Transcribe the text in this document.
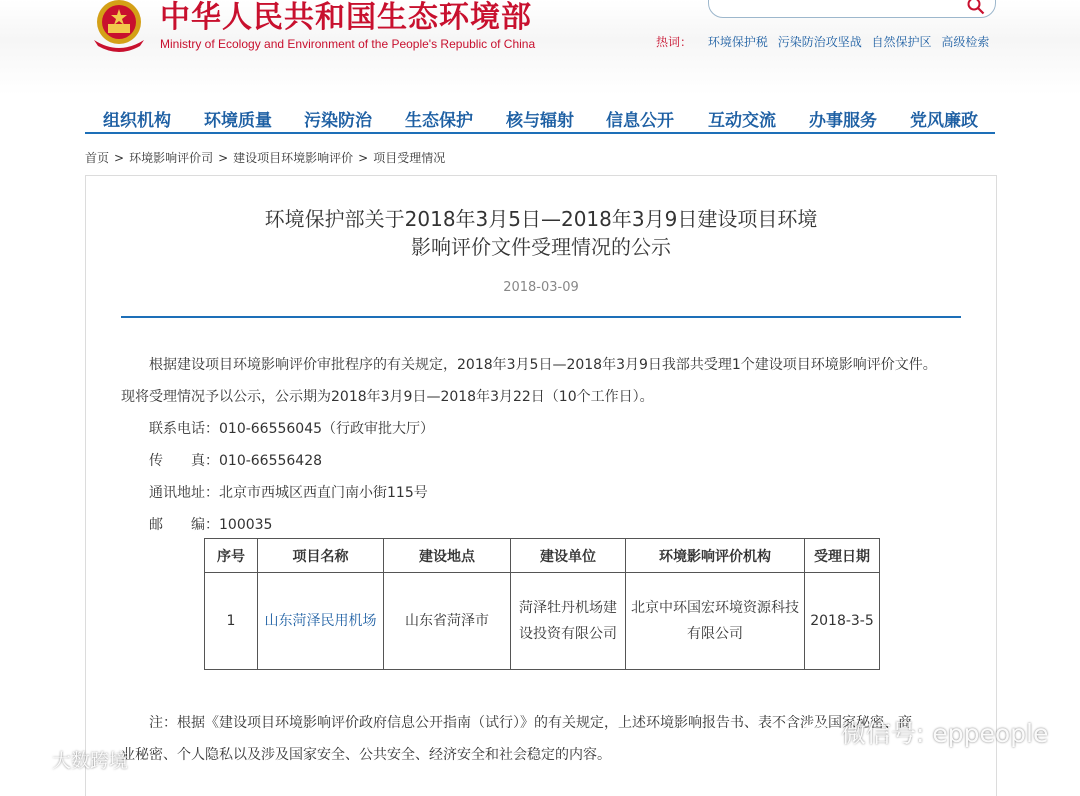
中华人民共和国生态环境部
Ministry of Ecology and Environment of the People's Republic of China	热词： 环境保护税 污染防治攻坚战 自然保护区 高级检索
组织机构 环境质量 污染防治 生态保护 核与辐射 信息公开 互动交流 办事服务 党风廉政
首页 > 环境影响评价司 > 建设项目环境影响评价 > 项目受理情况
环境保护部关于2018年3月5日—2018年3月9日建设项目环境
影响评价文件受理情况的公示
2018-03-09
根据建设项目环境影响评价审批程序的有关规定，2018年3月5日—2018年3月9日我部共受理1个建设项目环境影响评价文件。
现将受理情况予以公示，公示期为2018年3月9日—2018年3月22日（10个工作日）。
联系电话：010-66556045（行政审批大厅）
传　　真：010-66556428
通讯地址：北京市西城区西直门南小街115号
邮　　编：100035
序号	项目名称	建设地点	建设单位	环境影响评价机构	受理日期
1	山东菏泽民用机场	山东省菏泽市	菏泽牡丹机场建设投资有限公司	北京中环国宏环境资源科技有限公司	2018-3-5
注：根据《建设项目环境影响评价政府信息公开指南（试行）》的有关规定，上述环境影响报告书、表不含涉及国家秘密、商
业秘密、个人隐私以及涉及国家安全、公共安全、经济安全和社会稳定的内容。
大数跨境
微信号: eppeople
